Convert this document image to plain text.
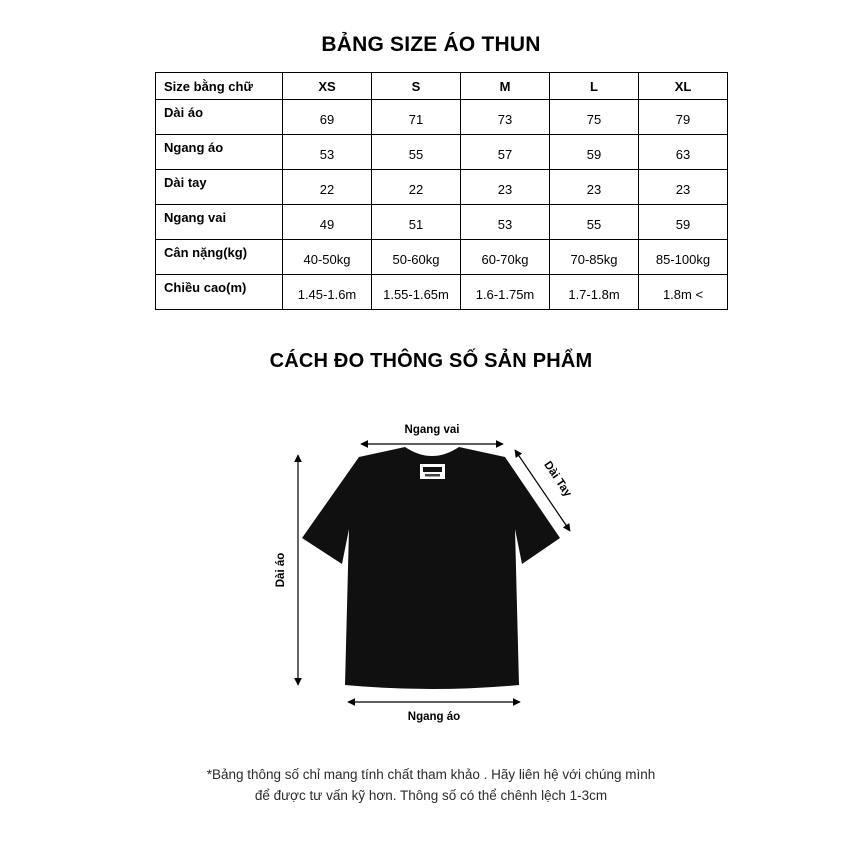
BẢNG SIZE ÁO THUN
Size bằng chữ	XS	S	M	L	XL
Dài áo	69	71	73	75	79
Ngang áo	53	55	57	59	63
Dài tay	22	22	23	23	23
Ngang vai	49	51	53	55	59
Cân nặng(kg)	40-50kg	50-60kg	60-70kg	70-85kg	85-100kg
Chiều cao(m)	1.45-1.6m	1.55-1.65m	1.6-1.75m	1.7-1.8m	1.8m <
CÁCH ĐO THÔNG SỐ SẢN PHẨM
Ngang vai
Dài áo
Dài Tay
Ngang áo
*Bảng thông số chỉ mang tính chất tham khảo . Hãy liên hệ với chúng mình
để được tư vấn kỹ hơn. Thông số có thể chênh lệch 1-3cm
